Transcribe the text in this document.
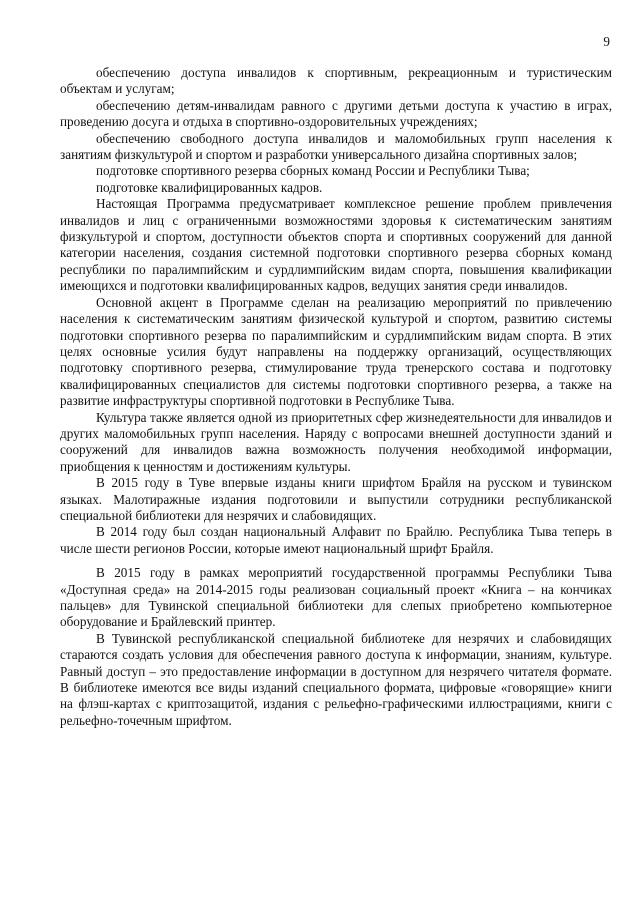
9

обеспечению доступа инвалидов к спортивным, рекреационным и туристическим объектам и услугам;

обеспечению детям-инвалидам равного с другими детьми доступа к участию в играх, проведению досуга и отдыха в спортивно-оздоровительных учреждениях;

обеспечению свободного доступа инвалидов и маломобильных групп населения к занятиям физкультурой и спортом и разработки универсального дизайна спортивных залов;

подготовке спортивного резерва сборных команд России и Республики Тыва;

подготовке квалифицированных кадров.

Настоящая Программа предусматривает комплексное решение проблем привлечения инвалидов и лиц с ограниченными возможностями здоровья к систематическим занятиям физкультурой и спортом, доступности объектов спорта и спортивных сооружений для данной категории населения, создания системной подготовки спортивного резерва сборных команд республики по паралимпийским и сурдлимпийским видам спорта, повышения квалификации имеющихся и подготовки квалифицированных кадров, ведущих занятия среди инвалидов.

Основной акцент в Программе сделан на реализацию мероприятий по привлечению населения к систематическим занятиям физической культурой и спортом, развитию системы подготовки спортивного резерва по паралимпийским и сурдлимпийским видам спорта. В этих целях основные усилия будут направлены на поддержку организаций, осуществляющих подготовку спортивного резерва, стимулирование труда тренерского состава и подготовку квалифицированных специалистов для системы подготовки спортивного резерва, а также на развитие инфраструктуры спортивной подготовки в Республике Тыва.

Культура также является одной из приоритетных сфер жизнедеятельности для инвалидов и других маломобильных групп населения. Наряду с вопросами внешней доступности зданий и сооружений для инвалидов важна возможность получения необходимой информации, приобщения к ценностям и достижениям культуры.

В 2015 году в Туве впервые изданы книги шрифтом Брайля на русском и тувинском языках. Малотиражные издания подготовили и выпустили сотрудники республиканской специальной библиотеки для незрячих и слабовидящих.

В 2014 году был создан национальный Алфавит по Брайлю. Республика Тыва теперь в числе шести регионов России, которые имеют национальный шрифт Брайля.

В 2015 году в рамках мероприятий государственной программы Республики Тыва «Доступная среда» на 2014-2015 годы реализован социальный проект «Книга – на кончиках пальцев» для Тувинской специальной библиотеки для слепых приобретено компьютерное оборудование и Брайлевский принтер.

В Тувинской республиканской специальной библиотеке для незрячих и слабовидящих стараются создать условия для обеспечения равного доступа к информации, знаниям, культуре. Равный доступ – это предоставление информации в доступном для незрячего читателя формате. В библиотеке имеются все виды изданий специального формата, цифровые «говорящие» книги на флэш-картах с криптозащитой, издания с рельефно-графическими иллюстрациями, книги с рельефно-точечным шрифтом.
